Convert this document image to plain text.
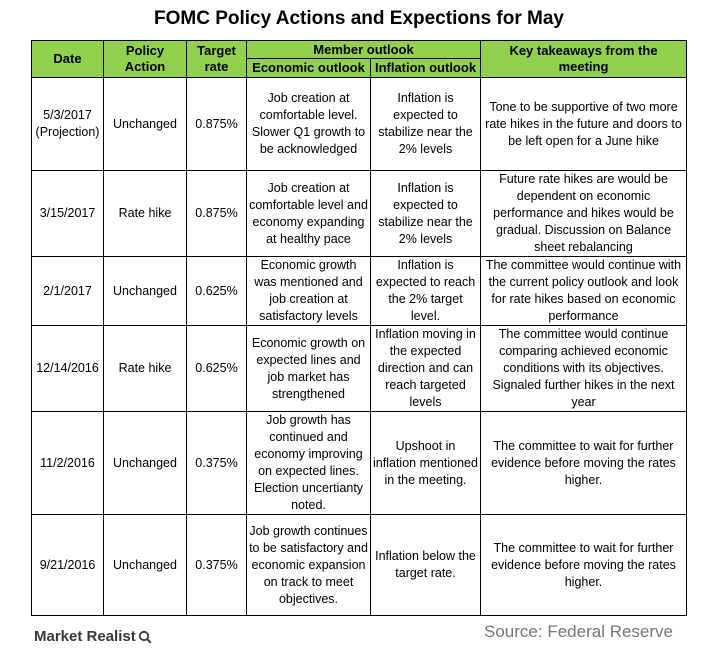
FOMC Policy Actions and Expections for May
Date	Policy Action	Target rate	Member outlook		Key takeaways from the meeting
			Economic outlook	Inflation outlook	
5/3/2017 (Projection)	Unchanged	0.875%	Job creation at comfortable level. Slower Q1 growth to be acknowledged	Inflation is expected to stabilize near the 2% levels	Tone to be supportive of two more rate hikes in the future and doors to be left open for a June hike
3/15/2017	Rate hike	0.875%	Job creation at comfortable level and economy expanding at healthy pace	Inflation is expected to stabilize near the 2% levels	Future rate hikes are would be dependent on economic performance and hikes would be gradual. Discussion on Balance sheet rebalancing
2/1/2017	Unchanged	0.625%	Economic growth was mentioned and job creation at satisfactory levels	Inflation is expected to reach the 2% target level.	The committee would continue with the current policy outlook and look for rate hikes based on economic performance
12/14/2016	Rate hike	0.625%	Economic growth on expected lines and job market has strengthened	Inflation moving in the expected direction and can reach targeted levels	The committee would continue comparing achieved economic conditions with its objectives. Signaled further hikes in the next year
11/2/2016	Unchanged	0.375%	Job growth has continued and economy improving on expected lines. Election uncertianty noted.	Upshoot in inflation mentioned in the meeting.	The committee to wait for further evidence before moving the rates higher.
9/21/2016	Unchanged	0.375%	Job growth continues to be satisfactory and economic expansion on track to meet objectives.	Inflation below the target rate.	The committee to wait for further evidence before moving the rates higher.
Market Realist	Source: Federal Reserve
